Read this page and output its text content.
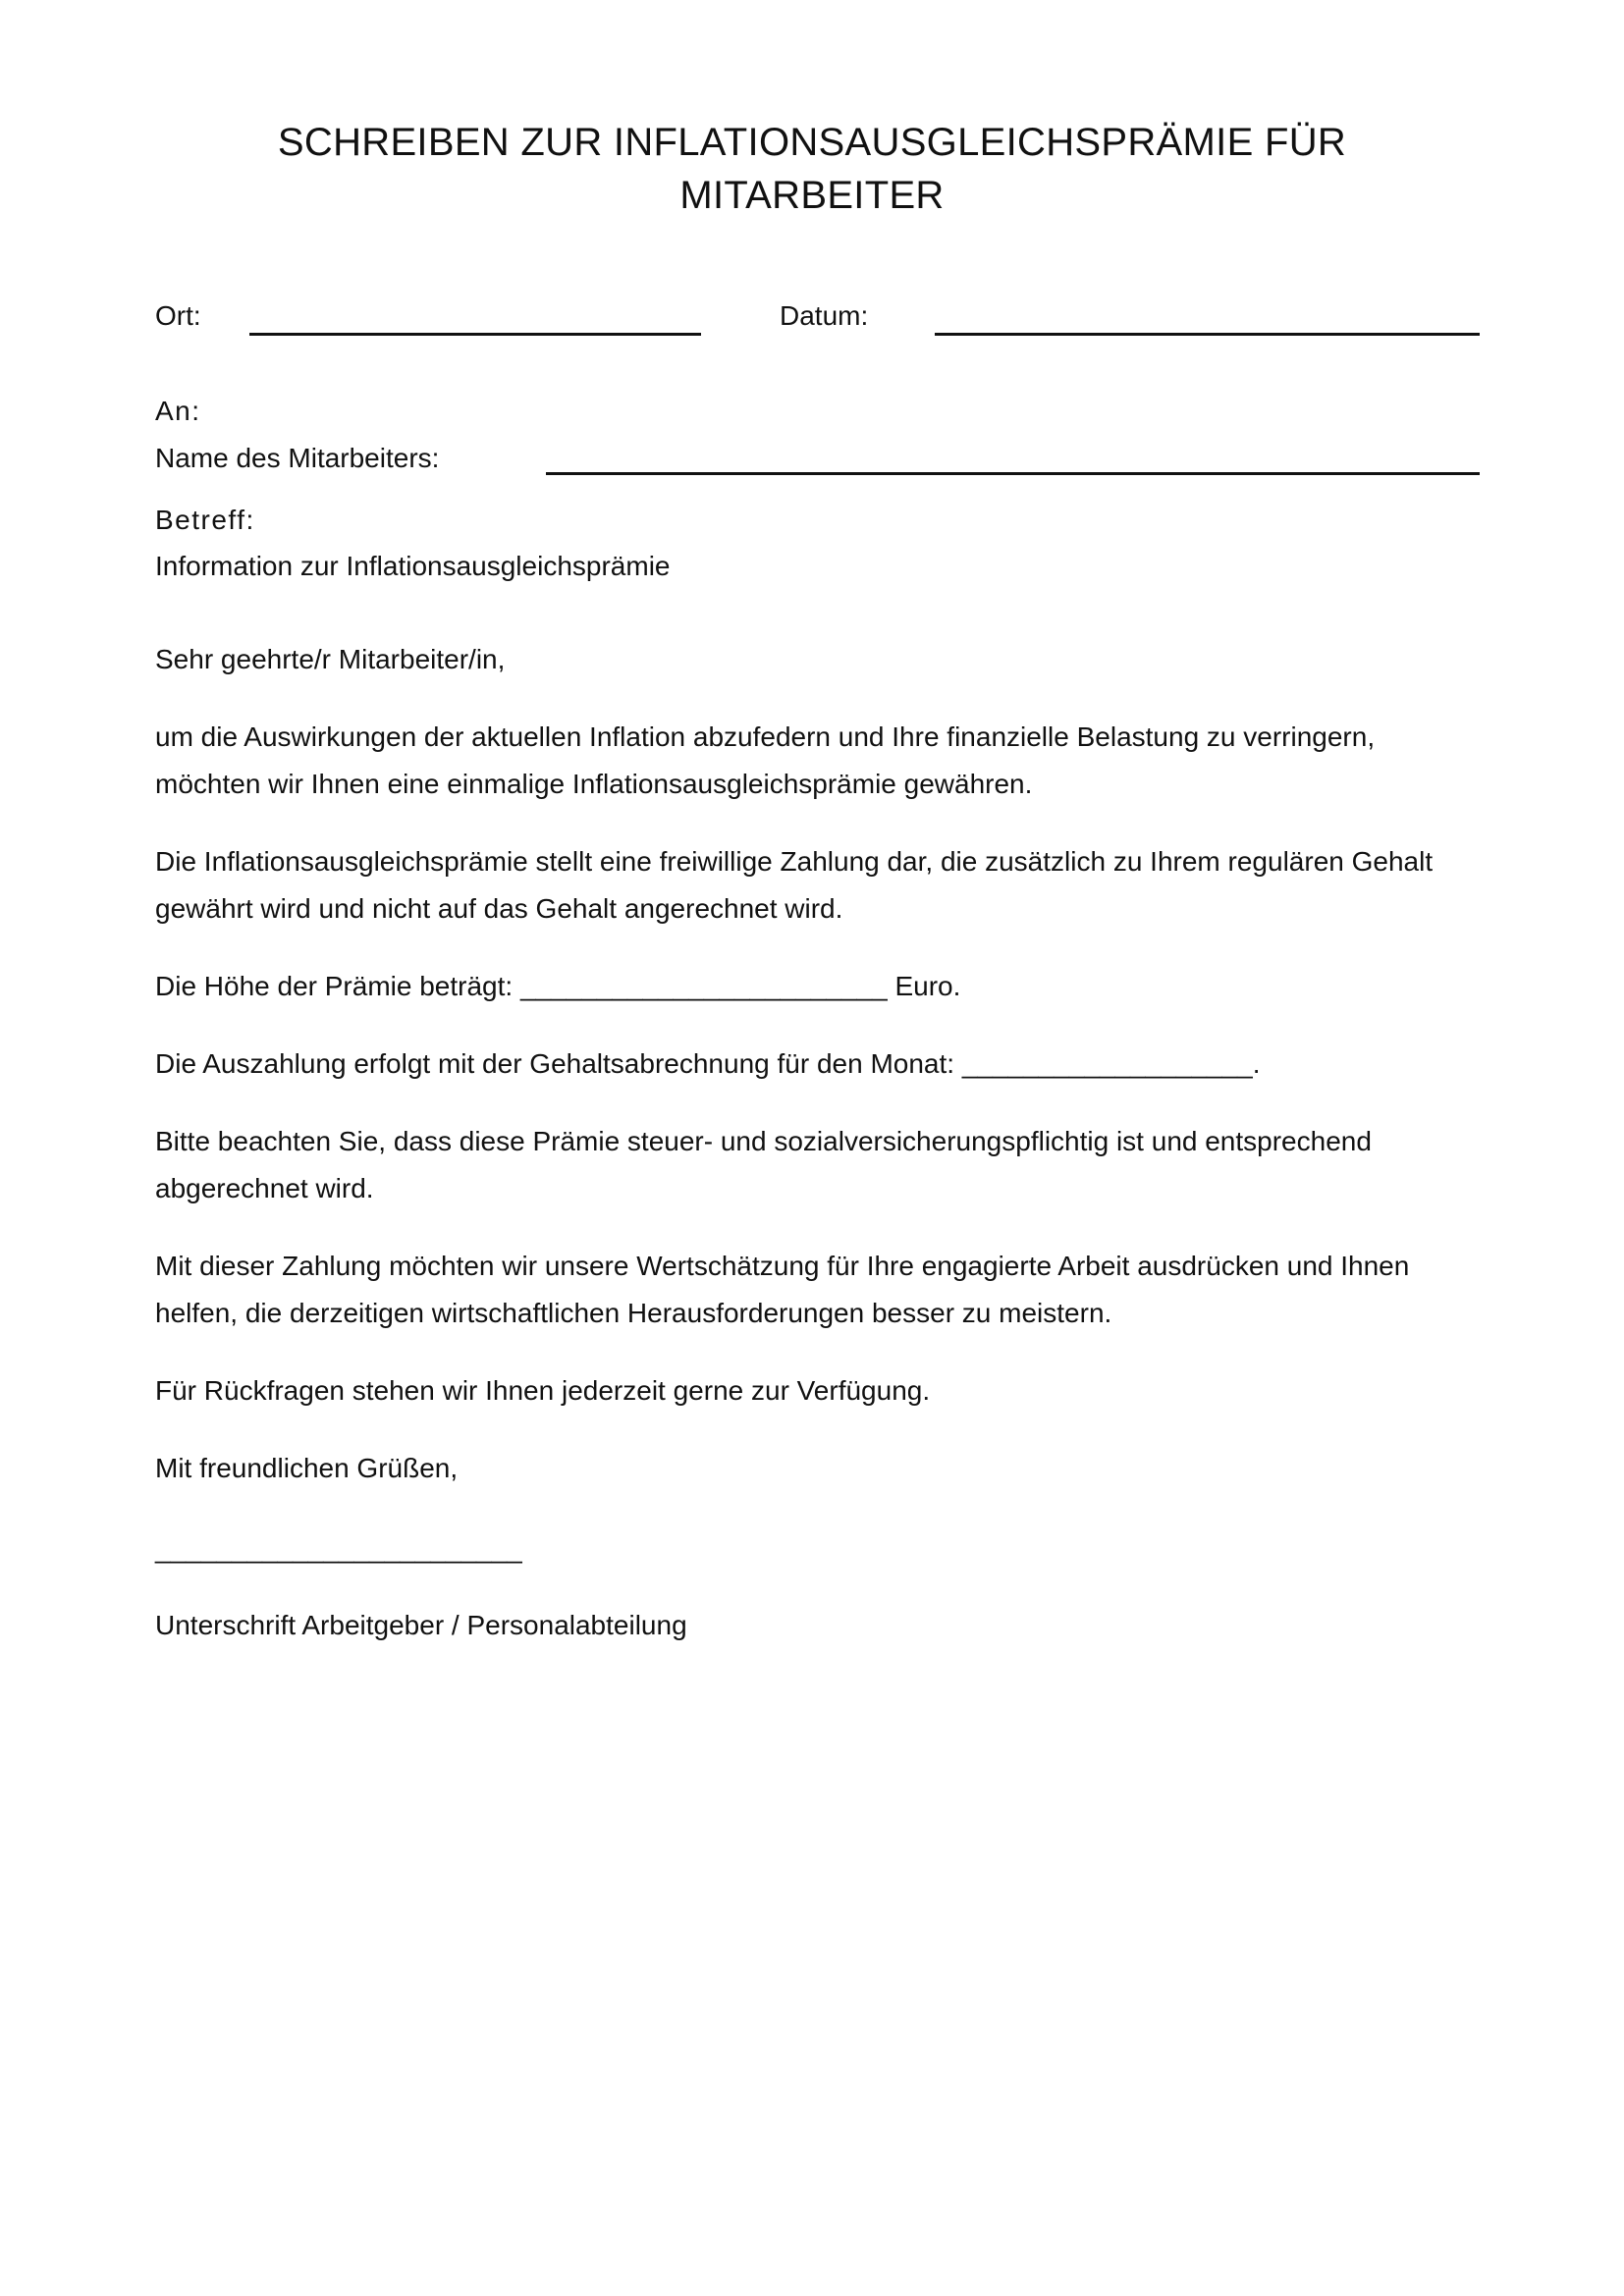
SCHREIBEN ZUR INFLATIONSAUSGLEICHSPRÄMIE FÜR
MITARBEITER
Ort:	Datum:
An:
Name des Mitarbeiters:
Betreff:
Information zur Inflationsausgleichsprämie
Sehr geehrte/r Mitarbeiter/in,
um die Auswirkungen der aktuellen Inflation abzufedern und Ihre finanzielle Belastung zu verringern,
möchten wir Ihnen eine einmalige Inflationsausgleichsprämie gewähren.
Die Inflationsausgleichsprämie stellt eine freiwillige Zahlung dar, die zusätzlich zu Ihrem regulären Gehalt
gewährt wird und nicht auf das Gehalt angerechnet wird.
Die Höhe der Prämie beträgt: ________________________ Euro.
Die Auszahlung erfolgt mit der Gehaltsabrechnung für den Monat: ___________________.
Bitte beachten Sie, dass diese Prämie steuer- und sozialversicherungspflichtig ist und entsprechend
abgerechnet wird.
Mit dieser Zahlung möchten wir unsere Wertschätzung für Ihre engagierte Arbeit ausdrücken und Ihnen
helfen, die derzeitigen wirtschaftlichen Herausforderungen besser zu meistern.
Für Rückfragen stehen wir Ihnen jederzeit gerne zur Verfügung.
Mit freundlichen Grüßen,
________________________
Unterschrift Arbeitgeber / Personalabteilung
